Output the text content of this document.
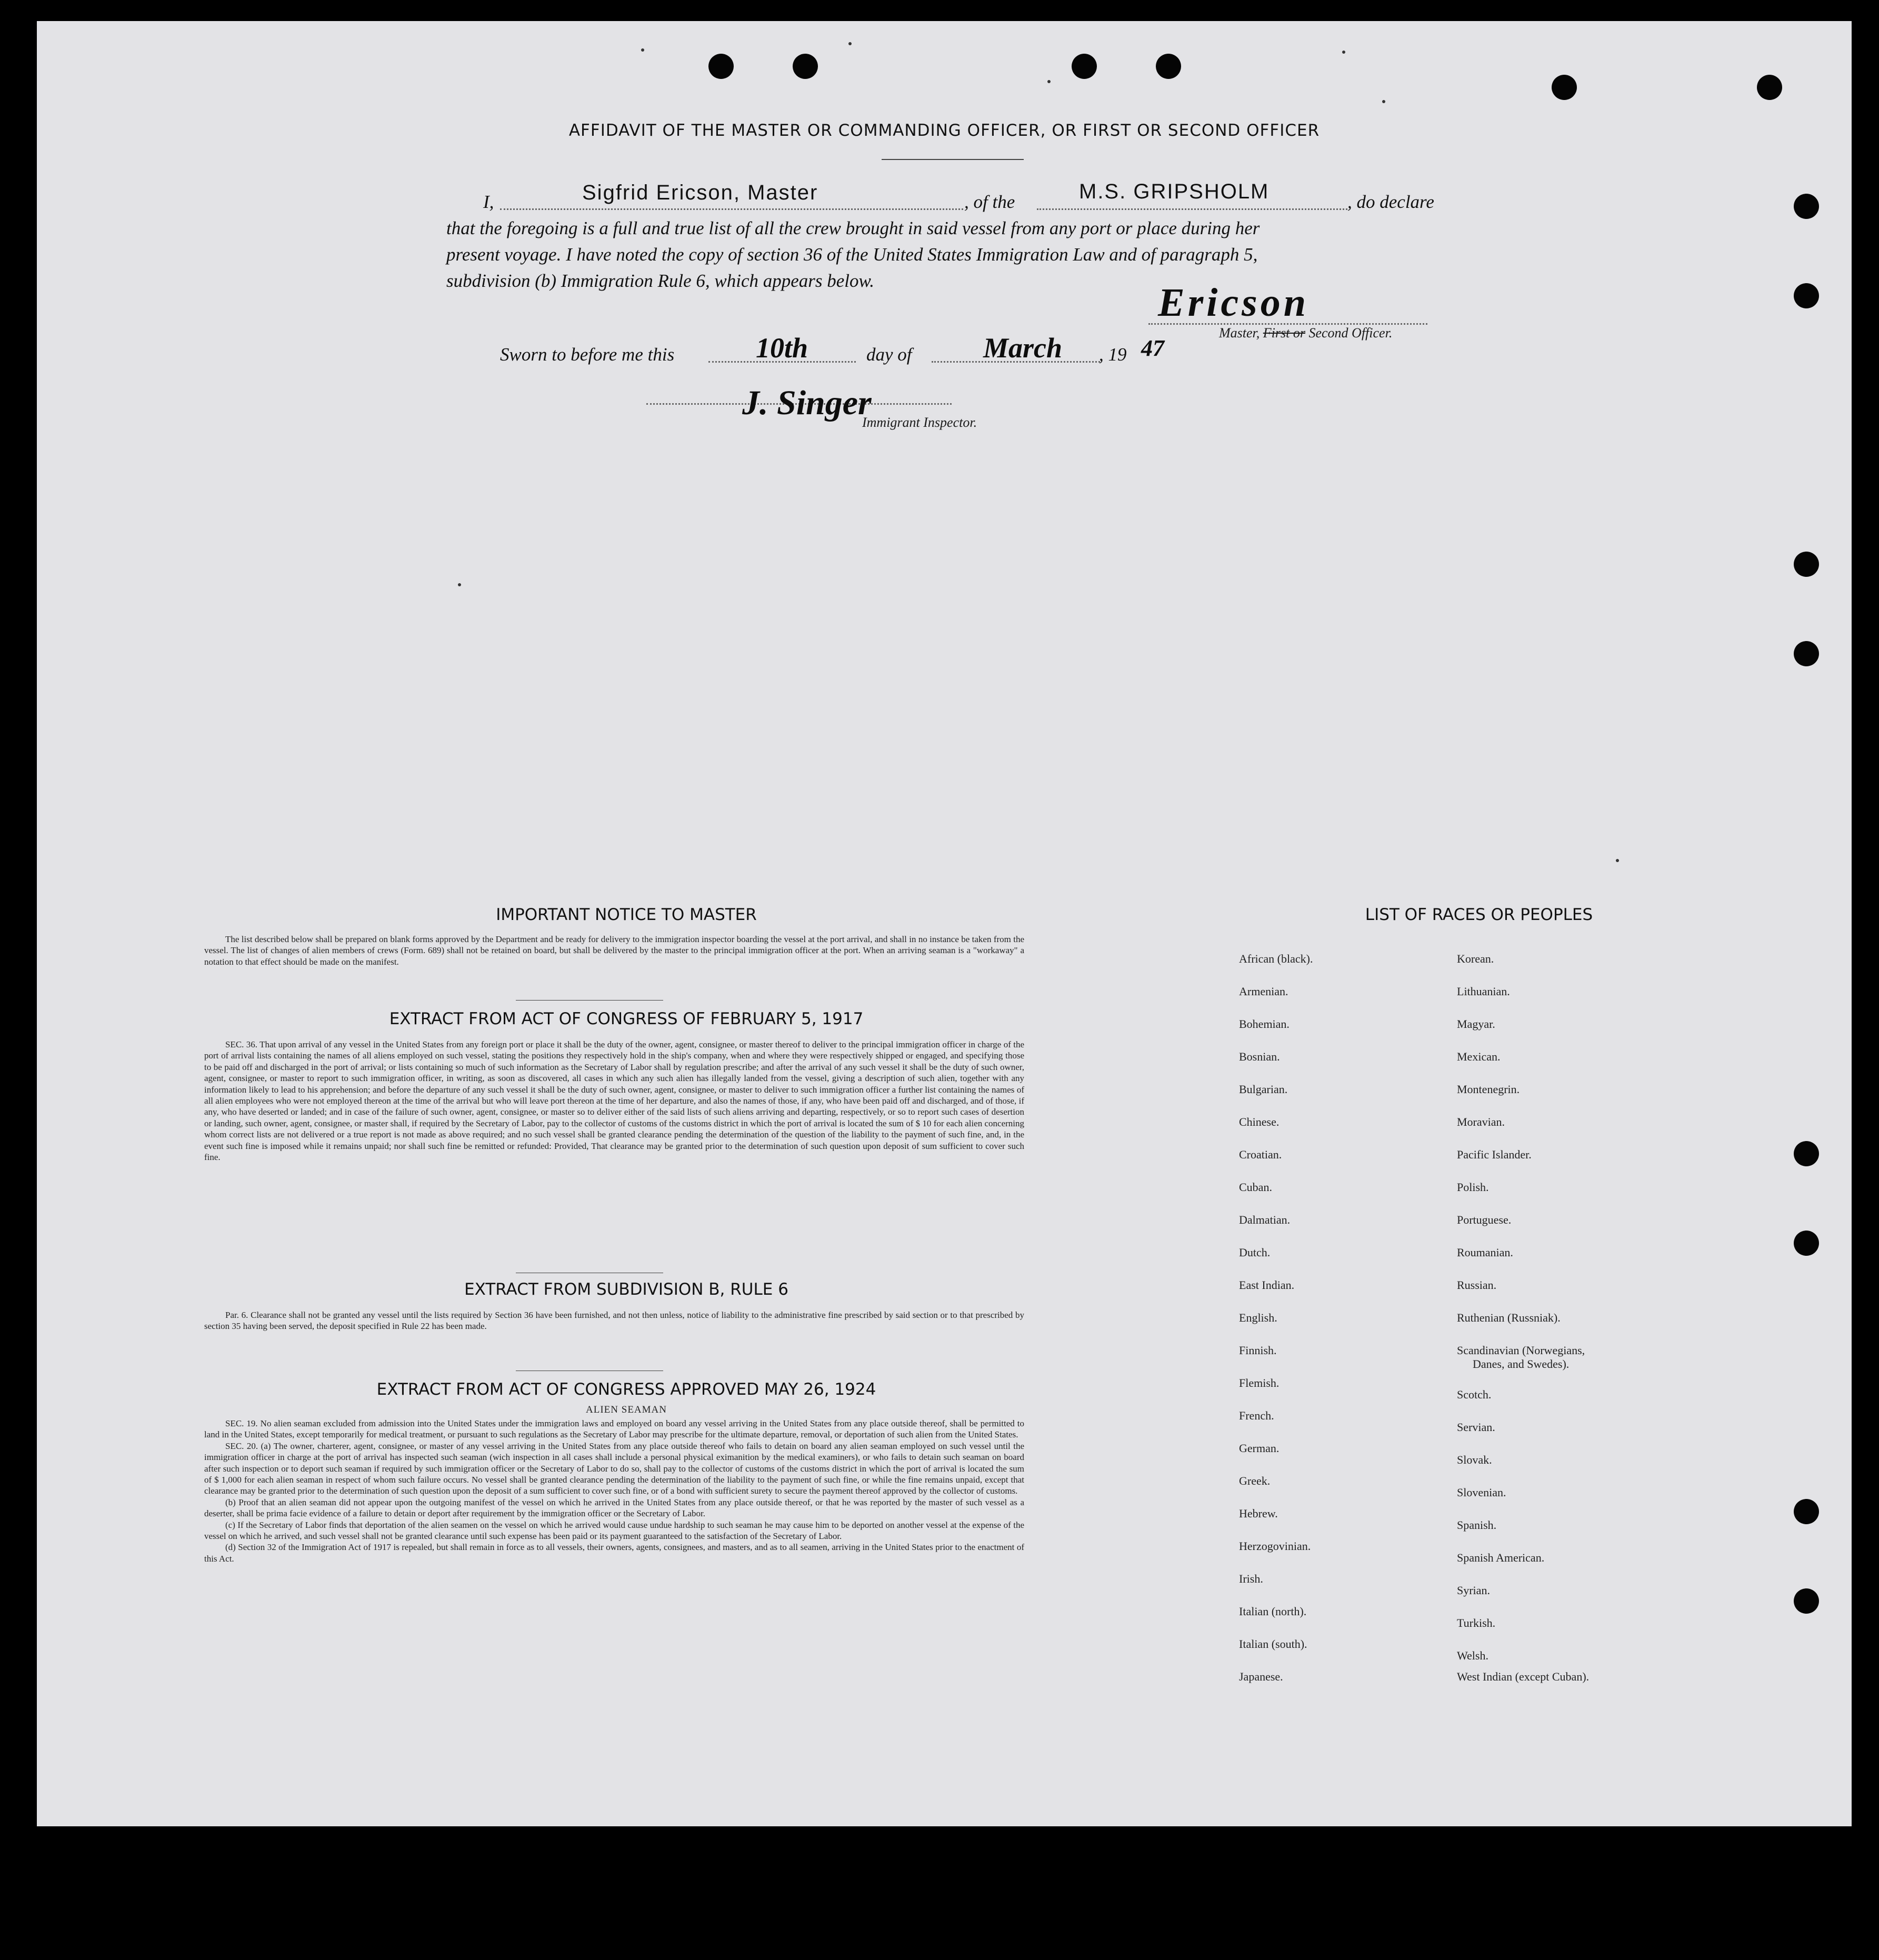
AFFIDAVIT OF THE MASTER OR COMMANDING OFFICER, OR FIRST OR SECOND OFFICER
I,	Sigfrid Ericson, Master	, of the	M.S. GRIPSHOLM	, do declare
that the foregoing is a full and true list of all the crew brought in said vessel from any port or place during her
present voyage. I have noted the copy of section 36 of the United States Immigration Law and of paragraph 5,
subdivision (b) Immigration Rule 6, which appears below.	Ericson
Master, First or Second Officer.
Sworn to before me this	10th	day of	March , 19 47
J. Singer
Immigrant Inspector.
IMPORTANT NOTICE TO MASTER

The list described below shall be prepared on blank forms approved by the Department and be ready for delivery to the immigration inspector boarding the vessel at the port arrival, and shall in no instance be taken from the vessel. The list of changes of alien members of crews (Form. 689) shall not be retained on board, but shall be delivered by the master to the principal immigration officer at the port. When an arriving seaman is a "workaway" a notation to that effect should be made on the manifest.

EXTRACT FROM ACT OF CONGRESS OF FEBRUARY 5, 1917

SEC. 36. That upon arrival of any vessel in the United States from any foreign port or place it shall be the duty of the owner, agent, consignee, or master thereof to deliver to the principal immigration officer in charge of the port of arrival lists containing the names of all aliens employed on such vessel, stating the positions they respectively hold in the ship's company, when and where they were respectively shipped or engaged, and specifying those to be paid off and discharged in the port of arrival; or lists containing so much of such information as the Secretary of Labor shall by regulation prescribe; and after the arrival of any such vessel it shall be the duty of such owner, agent, consignee, or master to report to such immigration officer, in writing, as soon as discovered, all cases in which any such alien has illegally landed from the vessel, giving a description of such alien, together with any information likely to lead to his apprehension; and before the departure of any such vessel it shall be the duty of such owner, agent, consignee, or master to deliver to such immigration officer a further list containing the names of all alien employees who were not employed thereon at the time of the arrival but who will leave port thereon at the time of her departure, and also the names of those, if any, who have been paid off and discharged, and of those, if any, who have deserted or landed; and in case of the failure of such owner, agent, consignee, or master so to deliver either of the said lists of such aliens arriving and departing, respectively, or so to report such cases of desertion or landing, such owner, agent, consignee, or master shall, if required by the Secretary of Labor, pay to the collector of customs of the customs district in which the port of arrival is located the sum of $ 10 for each alien concerning whom correct lists are not delivered or a true report is not made as above required; and no such vessel shall be granted clearance pending the determination of the question of the liability to the payment of such fine, and, in the event such fine is imposed while it remains unpaid; nor shall such fine be remitted or refunded: Provided, That clearance may be granted prior to the determination of such question upon deposit of sum sufficient to cover such fine.

EXTRACT FROM SUBDIVISION B, RULE 6

Par. 6. Clearance shall not be granted any vessel until the lists required by Section 36 have been furnished, and not then unless, notice of liability to the administrative fine prescribed by said section or to that prescribed by section 35 having been served, the deposit specified in Rule 22 has been made.

EXTRACT FROM ACT OF CONGRESS APPROVED MAY 26, 1924
ALIEN SEAMAN

SEC. 19. No alien seaman excluded from admission into the United States under the immigration laws and employed on board any vessel arriving in the United States from any place outside thereof, shall be permitted to land in the United States, except temporarily for medical treatment, or pursuant to such regulations as the Secretary of Labor may prescribe for the ultimate departure, removal, or deportation of such alien from the United States.

SEC. 20. (a) The owner, charterer, agent, consignee, or master of any vessel arriving in the United States from any place outside thereof who fails to detain on board any alien seaman employed on such vessel until the immigration officer in charge at the port of arrival has inspected such seaman (wich inspection in all cases shall include a personal physical eximanition by the medical examiners), or who fails to detain such seaman on board after such inspection or to deport such seaman if required by such immigration officer or the Secretary of Labor to do so, shall pay to the collector of customs of the customs district in which the port of arrival is located the sum of $ 1,000 for each alien seaman in respect of whom such failure occurs. No vessel shall be granted clearance pending the determination of the liability to the payment of such fine, or while the fine remains unpaid, except that clearance may be granted prior to the determination of such question upon the deposit of a sum sufficient to cover such fine, or of a bond with sufficient surety to secure the payment thereof approved by the collector of customs.

(b) Proof that an alien seaman did not appear upon the outgoing manifest of the vessel on which he arrived in the United States from any place outside thereof, or that he was reported by the master of such vessel as a deserter, shall be prima facie evidence of a failure to detain or deport after requirement by the immigration officer or the Secretary of Labor.

(c) If the Secretary of Labor finds that deportation of the alien seamen on the vessel on which he arrived would cause undue hardship to such seaman he may cause him to be deported on another vessel at the expense of the vessel on which he arrived, and such vessel shall not be granted clearance until such expense has been paid or its payment guaranteed to the satisfaction of the Secretary of Labor.

(d) Section 32 of the Immigration Act of 1917 is repealed, but shall remain in force as to all vessels, their owners, agents, consignees, and masters, and as to all seamen, arriving in the United States prior to the enactment of this Act.

LIST OF RACES OR PEOPLES
African (black).
Armenian.
Bohemian.
Bosnian.
Bulgarian.
Chinese.
Croatian.
Cuban.
Dalmatian.
Dutch.
East Indian.
English.
Finnish.
Flemish.
French.
German.
Greek.
Hebrew.
Herzogovinian.
Irish.
Italian (north).
Italian (south).
Japanese.
Korean.
Lithuanian.
Magyar.
Mexican.
Montenegrin.
Moravian.
Pacific Islander.
Polish.
Portuguese.
Roumanian.
Russian.
Ruthenian (Russniak).
Scandinavian (Norwegians,
Danes, and Swedes).
Scotch.
Servian.
Slovak.
Slovenian.
Spanish.
Spanish American.
Syrian.
Turkish.
Welsh.
West Indian (except Cuban).
